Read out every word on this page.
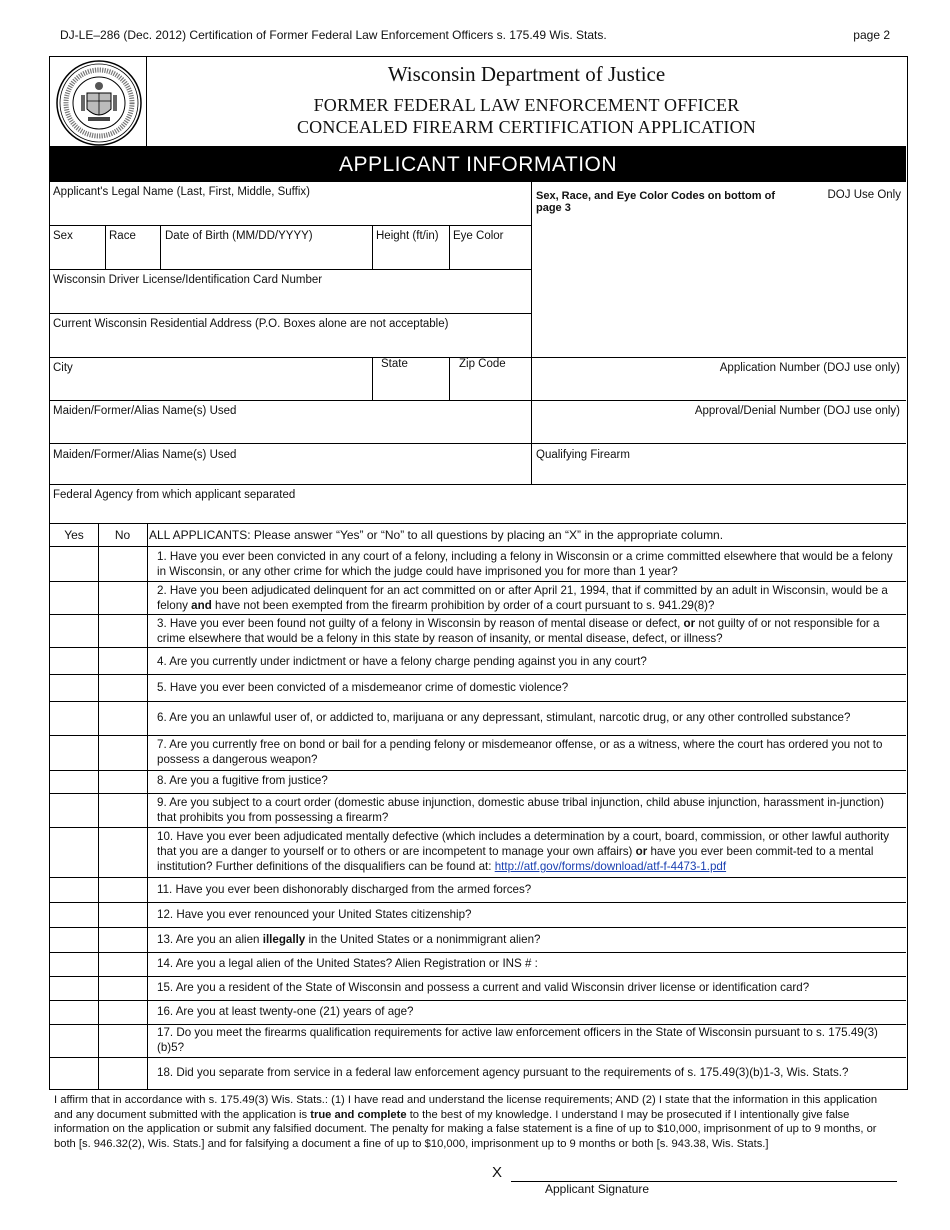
DJ-LE–286 (Dec. 2012) Certification of Former Federal Law Enforcement Officers s. 175.49 Wis. Stats.	page 2
Wisconsin Department of Justice
FORMER FEDERAL LAW ENFORCEMENT OFFICER
CONCEALED FIREARM CERTIFICATION APPLICATION
APPLICANT INFORMATION
Applicant's Legal Name (Last, First, Middle, Suffix)
Sex	Race	Date of Birth (MM/DD/YYYY)	Height (ft/in)	Eye Color
Wisconsin Driver License/Identification Card Number
Current Wisconsin Residential Address (P.O. Boxes alone are not acceptable)
City	State	Zip Code
Maiden/Former/Alias Name(s) Used
Maiden/Former/Alias Name(s) Used
Federal Agency from which applicant separated
Sex, Race, and Eye Color Codes on bottom of page 3
DOJ Use Only
Application Number (DOJ use only)
Approval/Denial Number (DOJ use only)
Qualifying Firearm
Yes	No	ALL APPLICANTS: Please answer “Yes” or “No” to all questions by placing an “X” in the appropriate column.
1. Have you ever been convicted in any court of a felony, including a felony in Wisconsin or a crime committed elsewhere that would be a felony in Wisconsin, or any other crime for which the judge could have imprisoned you for more than 1 year?
2. Have you been adjudicated delinquent for an act committed on or after April 21, 1994, that if committed by an adult in Wisconsin, would be a felony and have not been exempted from the firearm prohibition by order of a court pursuant to s. 941.29(8)?
3. Have you ever been found not guilty of a felony in Wisconsin by reason of mental disease or defect, or not guilty of or not responsible for a crime elsewhere that would be a felony in this state by reason of insanity, or mental disease, defect, or illness?
4. Are you currently under indictment or have a felony charge pending against you in any court?
5. Have you ever been convicted of a misdemeanor crime of domestic violence?
6. Are you an unlawful user of, or addicted to, marijuana or any depressant, stimulant, narcotic drug, or any other controlled substance?
7. Are you currently free on bond or bail for a pending felony or misdemeanor offense, or as a witness, where the court has ordered you not to possess a dangerous weapon?
8. Are you a fugitive from justice?
9. Are you subject to a court order (domestic abuse injunction, domestic abuse tribal injunction, child abuse injunction, harassment in-junction) that prohibits you from possessing a firearm?
10. Have you ever been adjudicated mentally defective (which includes a determination by a court, board, commission, or other lawful authority that you are a danger to yourself or to others or are incompetent to manage your own affairs) or have you ever been commit-ted to a mental institution? Further definitions of the disqualifiers can be found at: http://atf.gov/forms/download/atf-f-4473-1.pdf
11. Have you ever been dishonorably discharged from the armed forces?
12. Have you ever renounced your United States citizenship?
13. Are you an alien illegally in the United States or a nonimmigrant alien?
14. Are you a legal alien of the United States? Alien Registration or INS # :
15. Are you a resident of the State of Wisconsin and possess a current and valid Wisconsin driver license or identification card?
16. Are you at least twenty-one (21) years of age?
17. Do you meet the firearms qualification requirements for active law enforcement officers in the State of Wisconsin pursuant to s. 175.49(3)(b)5?
18. Did you separate from service in a federal law enforcement agency pursuant to the requirements of s. 175.49(3)(b)1-3, Wis. Stats.?
I affirm that in accordance with s. 175.49(3) Wis. Stats.: (1) I have read and understand the license requirements; AND (2) I state that the information in this application and any document submitted with the application is true and complete to the best of my knowledge. I understand I may be prosecuted if I intentionally give false information on the application or submit any falsified document. The penalty for making a false statement is a fine of up to $10,000, imprisonment of up to 9 months, or both [s. 946.32(2), Wis. Stats.] and for falsifying a document a fine of up to $10,000, imprisonment up to 9 months or both [s. 943.38, Wis. Stats.]
X
Applicant Signature
